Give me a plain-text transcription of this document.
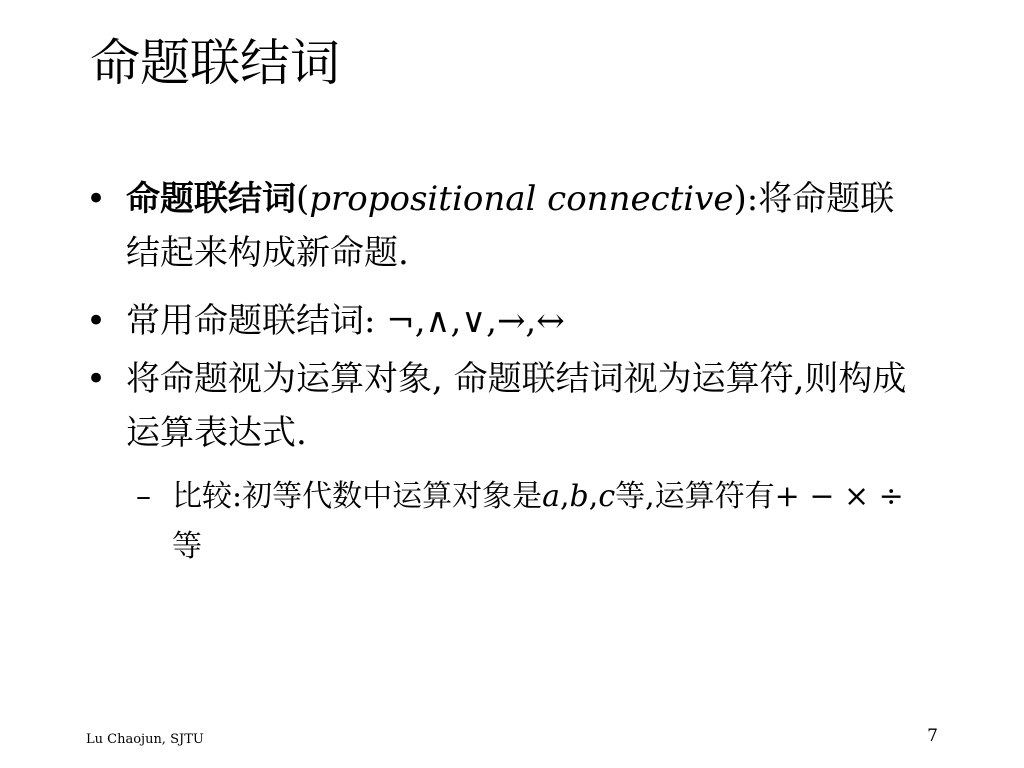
命题联结词
• 命题联结词(propositional connective):将命题联结起来构成新命题.
• 常用命题联结词: ¬,∧,∨,→,↔
• 将命题视为运算对象, 命题联结词视为运算符,则构成运算表达式.
– 比较:初等代数中运算对象是a,b,c等,运算符有+ − × ÷等
Lu Chaojun, SJTU	7
